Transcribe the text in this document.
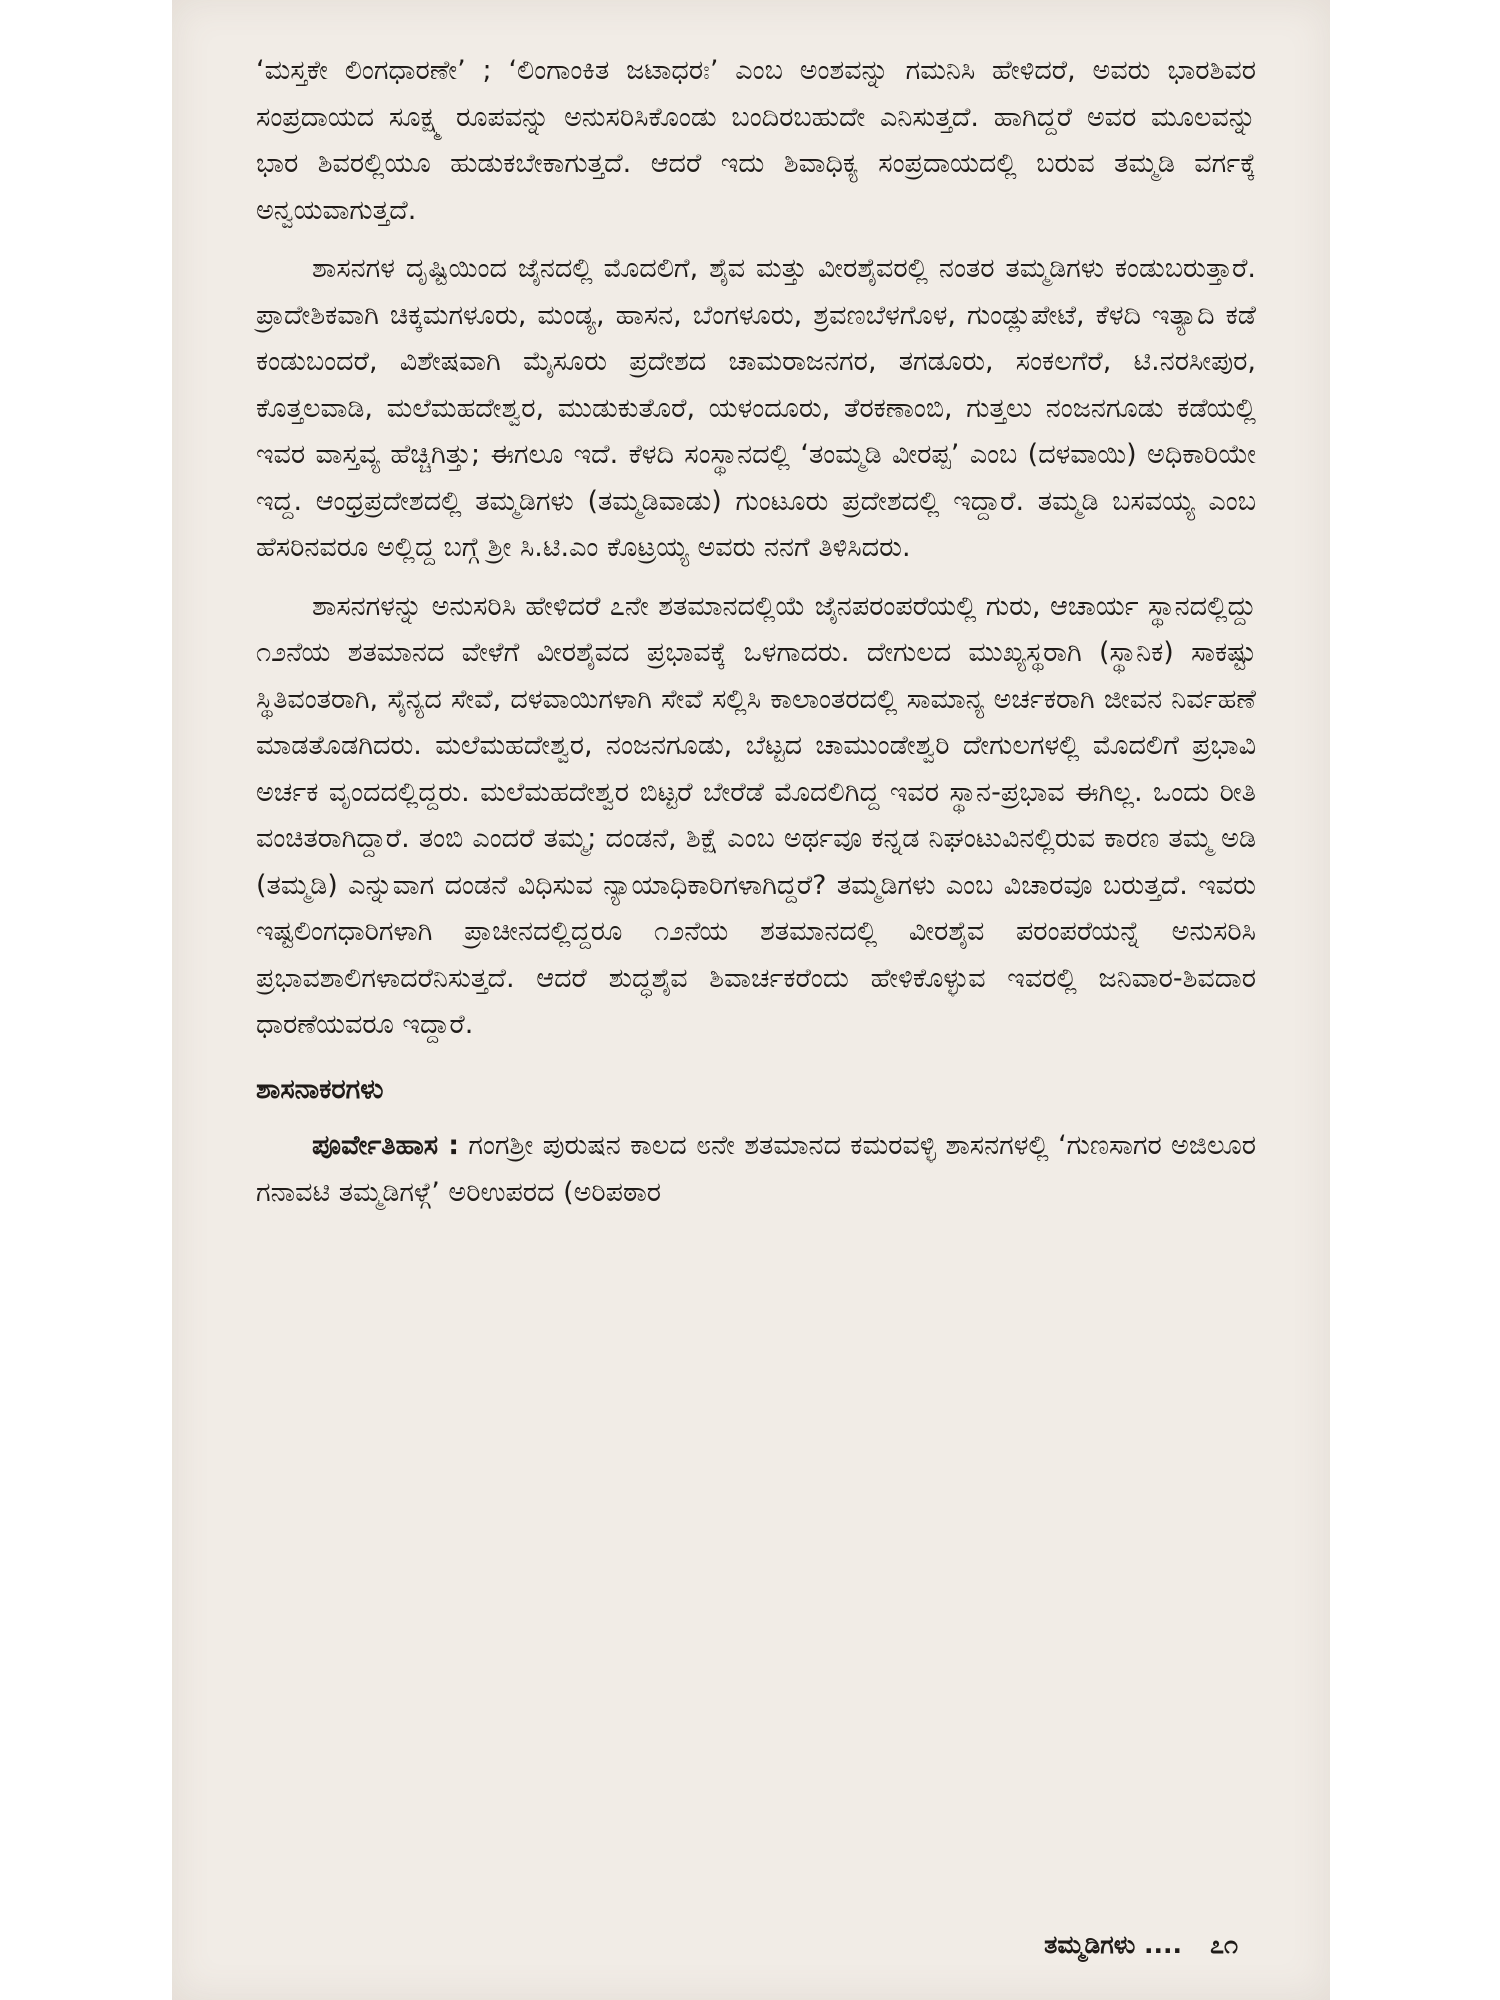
‘ಮಸ್ತಕೇ ಲಿಂಗಧಾರಣೇ’ ; ‘ಲಿಂಗಾಂಕಿತ ಜಟಾಧರಃ’ ಎಂಬ ಅಂಶವನ್ನು ಗಮನಿಸಿ ಹೇಳಿದರೆ, ಅವರು ಭಾರಶಿವರ ಸಂಪ್ರದಾಯದ ಸೂಕ್ಷ್ಮ ರೂಪವನ್ನು ಅನುಸರಿಸಿಕೊಂಡು ಬಂದಿರಬಹುದೇ ಎನಿಸುತ್ತದೆ. ಹಾಗಿದ್ದರೆ ಅವರ ಮೂಲವನ್ನು ಭಾರ ಶಿವರಲ್ಲಿಯೂ ಹುಡುಕಬೇಕಾಗುತ್ತದೆ. ಆದರೆ ಇದು ಶಿವಾಧಿಕ್ಯ ಸಂಪ್ರದಾಯದಲ್ಲಿ ಬರುವ ತಮ್ಮಡಿ ವರ್ಗಕ್ಕೆ ಅನ್ವಯವಾಗುತ್ತದೆ.

ಶಾಸನಗಳ ದೃಷ್ಟಿಯಿಂದ ಜೈನದಲ್ಲಿ ಮೊದಲಿಗೆ, ಶೈವ ಮತ್ತು ವೀರಶೈವರಲ್ಲಿ ನಂತರ ತಮ್ಮಡಿಗಳು ಕಂಡುಬರುತ್ತಾರೆ. ಪ್ರಾದೇಶಿಕವಾಗಿ ಚಿಕ್ಕಮಗಳೂರು, ಮಂಡ್ಯ, ಹಾಸನ, ಬೆಂಗಳೂರು, ಶ್ರವಣಬೆಳಗೊಳ, ಗುಂಡ್ಲುಪೇಟೆ, ಕೆಳದಿ ಇತ್ಯಾದಿ ಕಡೆ ಕಂಡುಬಂದರೆ, ವಿಶೇಷವಾಗಿ ಮೈಸೂರು ಪ್ರದೇಶದ ಚಾಮರಾಜನಗರ, ತಗಡೂರು, ಸಂಕಲಗೆರೆ, ಟಿ.ನರಸೀಪುರ, ಕೊತ್ತಲವಾಡಿ, ಮಲೆಮಹದೇಶ್ವರ, ಮುಡುಕುತೊರೆ, ಯಳಂದೂರು, ತೆರಕಣಾಂಬಿ, ಗುತ್ತಲು ನಂಜನಗೂಡು ಕಡೆಯಲ್ಲಿ ಇವರ ವಾಸ್ತವ್ಯ ಹೆಚ್ಚಿಗಿತ್ತು; ಈಗಲೂ ಇದೆ. ಕೆಳದಿ ಸಂಸ್ಥಾನದಲ್ಲಿ ‘ತಂಮ್ಮಡಿ ವೀರಪ್ಪ’ ಎಂಬ (ದಳವಾಯಿ) ಅಧಿಕಾರಿಯೇ ಇದ್ದ. ಆಂಧ್ರಪ್ರದೇಶದಲ್ಲಿ ತಮ್ಮಡಿಗಳು (ತಮ್ಮಡಿವಾಡು) ಗುಂಟೂರು ಪ್ರದೇಶದಲ್ಲಿ ಇದ್ದಾರೆ. ತಮ್ಮಡಿ ಬಸವಯ್ಯ ಎಂಬ ಹೆಸರಿನವರೂ ಅಲ್ಲಿದ್ದ ಬಗ್ಗೆ ಶ್ರೀ ಸಿ.ಟಿ.ಎಂ ಕೊಟ್ರಯ್ಯ ಅವರು ನನಗೆ ತಿಳಿಸಿದರು.

ಶಾಸನಗಳನ್ನು ಅನುಸರಿಸಿ ಹೇಳಿದರೆ ೭ನೇ ಶತಮಾನದಲ್ಲಿಯೆ ಜೈನಪರಂಪರೆಯಲ್ಲಿ ಗುರು, ಆಚಾರ್ಯ ಸ್ಥಾನದಲ್ಲಿದ್ದು ೧೨ನೆಯ ಶತಮಾನದ ವೇಳೆಗೆ ವೀರಶೈವದ ಪ್ರಭಾವಕ್ಕೆ ಒಳಗಾದರು. ದೇಗುಲದ ಮುಖ್ಯಸ್ಥರಾಗಿ (ಸ್ಥಾನಿಕ) ಸಾಕಷ್ಟು ಸ್ಥಿತಿವಂತರಾಗಿ, ಸೈನ್ಯದ ಸೇವೆ, ದಳವಾಯಿಗಳಾಗಿ ಸೇವೆ ಸಲ್ಲಿಸಿ ಕಾಲಾಂತರದಲ್ಲಿ ಸಾಮಾನ್ಯ ಅರ್ಚಕರಾಗಿ ಜೀವನ ನಿರ್ವಹಣೆ ಮಾಡತೊಡಗಿದರು. ಮಲೆಮಹದೇಶ್ವರ, ನಂಜನಗೂಡು, ಬೆಟ್ಟದ ಚಾಮುಂಡೇಶ್ವರಿ ದೇಗುಲಗಳಲ್ಲಿ ಮೊದಲಿಗೆ ಪ್ರಭಾವಿ ಅರ್ಚಕ ವೃಂದದಲ್ಲಿದ್ದರು. ಮಲೆಮಹದೇಶ್ವರ ಬಿಟ್ಟರೆ ಬೇರೆಡೆ ಮೊದಲಿಗಿದ್ದ ಇವರ ಸ್ಥಾನ-ಪ್ರಭಾವ ಈಗಿಲ್ಲ. ಒಂದು ರೀತಿ ವಂಚಿತರಾಗಿದ್ದಾರೆ. ತಂಬಿ ಎಂದರೆ ತಮ್ಮ; ದಂಡನೆ, ಶಿಕ್ಷೆ ಎಂಬ ಅರ್ಥವೂ ಕನ್ನಡ ನಿಘಂಟುವಿನಲ್ಲಿರುವ ಕಾರಣ ತಮ್ಮ ಅಡಿ (ತಮ್ಮಡಿ) ಎನ್ನುವಾಗ ದಂಡನೆ ವಿಧಿಸುವ ನ್ಯಾಯಾಧಿಕಾರಿಗಳಾಗಿದ್ದರೆ? ತಮ್ಮಡಿಗಳು ಎಂಬ ವಿಚಾರವೂ ಬರುತ್ತದೆ. ಇವರು ಇಷ್ಟಲಿಂಗಧಾರಿಗಳಾಗಿ ಪ್ರಾಚೀನದಲ್ಲಿದ್ದರೂ ೧೨ನೆಯ ಶತಮಾನದಲ್ಲಿ ವೀರಶೈವ ಪರಂಪರೆಯನ್ನೆ ಅನುಸರಿಸಿ ಪ್ರಭಾವಶಾಲಿಗಳಾದರೆನಿಸುತ್ತದೆ. ಆದರೆ ಶುದ್ಧಶೈವ ಶಿವಾರ್ಚಕರೆಂದು ಹೇಳಿಕೊಳ್ಳುವ ಇವರಲ್ಲಿ ಜನಿವಾರ-ಶಿವದಾರ ಧಾರಣೆಯವರೂ ಇದ್ದಾರೆ.

ಶಾಸನಾಕರಗಳು

ಪೂರ್ವೇತಿಹಾಸ : ಗಂಗಶ್ರೀ ಪುರುಷನ ಕಾಲದ ೮ನೇ ಶತಮಾನದ ಕಮರವಳ್ಳಿ ಶಾಸನಗಳಲ್ಲಿ ‘ಗುಣಸಾಗರ ಅಜಿಲೂರ ಗನಾವಟಿ ತಮ್ಮಡಿಗಳ್ಗೆ’ ಅರಿಉಪರದ (ಅರಿಪಠಾರ

ತಮ್ಮಡಿಗಳು .... ೭೧
